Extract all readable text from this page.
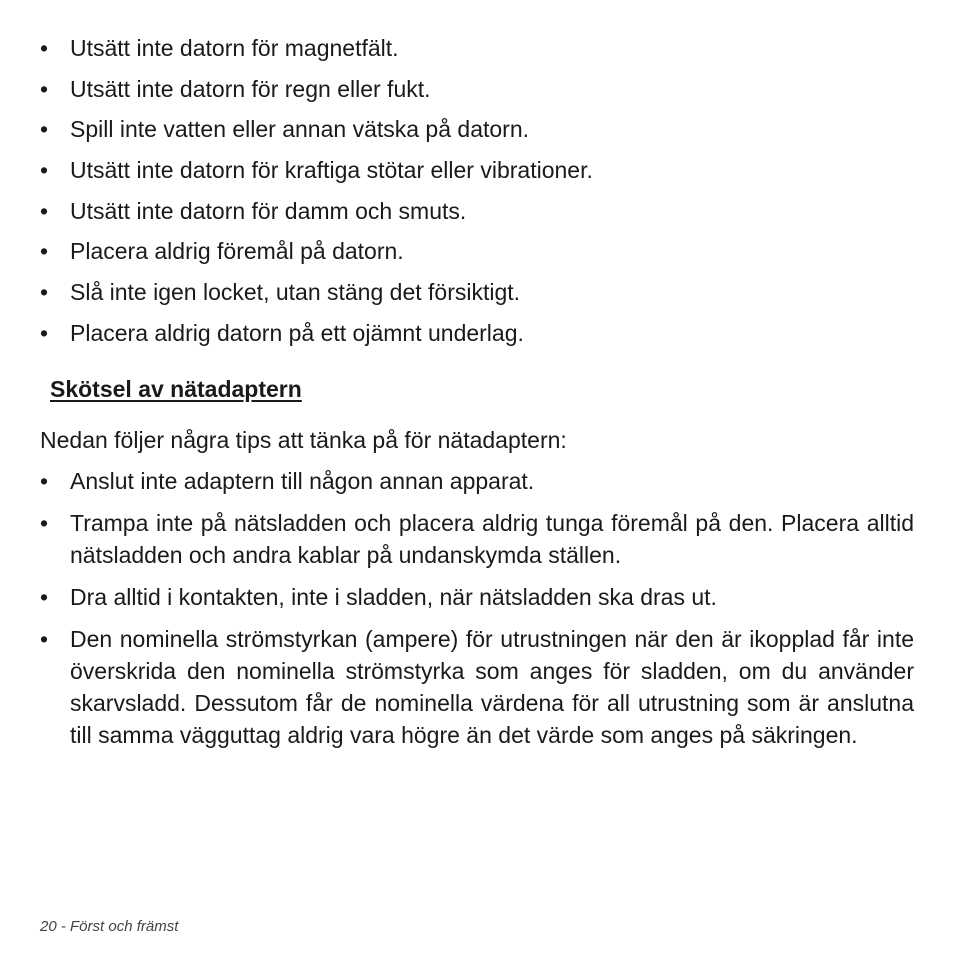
• Utsätt inte datorn för magnetfält.
• Utsätt inte datorn för regn eller fukt.
• Spill inte vatten eller annan vätska på datorn.
• Utsätt inte datorn för kraftiga stötar eller vibrationer.
• Utsätt inte datorn för damm och smuts.
• Placera aldrig föremål på datorn.
• Slå inte igen locket, utan stäng det försiktigt.
• Placera aldrig datorn på ett ojämnt underlag.
Skötsel av nätadaptern

Nedan följer några tips att tänka på för nätadaptern:

• Anslut inte adaptern till någon annan apparat.
• Trampa inte på nätsladden och placera aldrig tunga föremål på den. Placera alltid nätsladden och andra kablar på undanskymda ställen.
• Dra alltid i kontakten, inte i sladden, när nätsladden ska dras ut.
• Den nominella strömstyrkan (ampere) för utrustningen när den är ikopplad får inte överskrida den nominella strömstyrka som anges för sladden, om du använder skarvsladd. Dessutom får de nominella värdena för all utrustning som är anslutna till samma vägguttag aldrig vara högre än det värde som anges på säkringen.
20 - Först och främst
